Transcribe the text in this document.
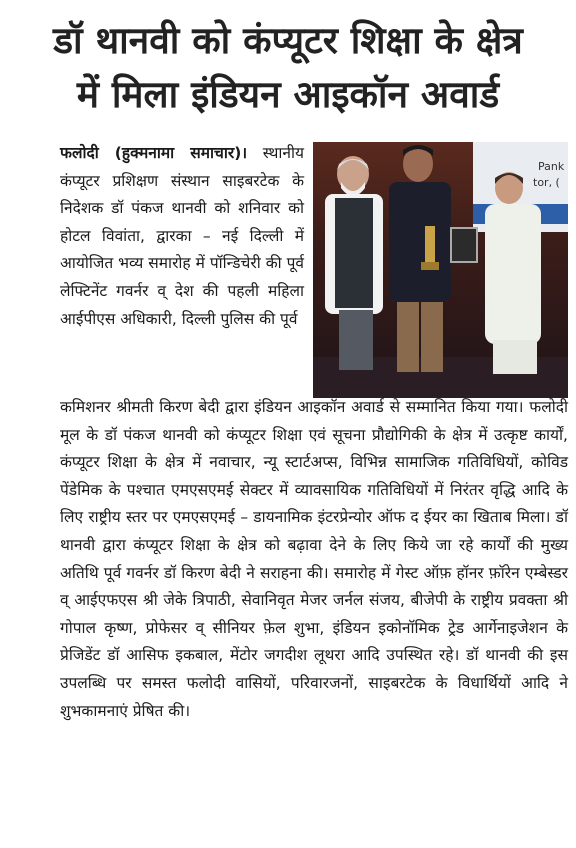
डॉ थानवी को कंप्यूटर शिक्षा के क्षेत्र
में मिला इंडियन आइकॉन अवार्ड
Pank
tor, (

फलोदी (हुक्मनामा समाचार)। स्थानीय कंप्यूटर प्रशिक्षण संस्थान साइबरटेक के निदेशक डॉ पंकज थानवी को शनिवार को होटल विवांता, द्वारका – नई दिल्ली में आयोजित भव्य समारोह में पॉन्डिचेरी की पूर्व लेफ्टिनेंट गवर्नर व् देश की पहली महिला आईपीएस अधिकारी, दिल्ली पुलिस की पूर्व

कमिशनर श्रीमती किरण बेदी द्वारा इंडियन आइकॉन अवार्ड से सम्मानित किया गया। फलोदी मूल के डॉ पंकज थानवी को कंप्यूटर शिक्षा एवं सूचना प्रौद्योगिकी के क्षेत्र में उत्कृष्ट कार्यों, कंप्यूटर शिक्षा के क्षेत्र में नवाचार, न्यू स्टार्टअप्स, विभिन्न सामाजिक गतिविधियों, कोविड पेंडेमिक के पश्चात एमएसएमई सेक्टर में व्यावसायिक गतिविधियों में निरंतर वृद्धि आदि के लिए राष्ट्रीय स्तर पर एमएसएमई – डायनामिक इंटरप्रेन्योर ऑफ द ईयर का खिताब मिला। डॉ थानवी द्वारा कंप्यूटर शिक्षा के क्षेत्र को बढ़ावा देने के लिए किये जा रहे कार्यों की मुख्य अतिथि पूर्व गवर्नर डॉ किरण बेदी ने सराहना की। समारोह में गेस्ट ऑफ़ हॉनर फ़ॉरेन एम्बेस्डर व् आईएफएस श्री जेके त्रिपाठी, सेवानिवृत मेजर जर्नल संजय, बीजेपी के राष्ट्रीय प्रवक्ता श्री गोपाल कृष्ण, प्रोफेसर व् सीनियर फ़ेल शुभा, इंडियन इकोनॉमिक ट्रेड आर्गेनाइजेशन के प्रेजिडेंट डॉ आसिफ इकबाल, मेंटोर जगदीश लूथरा आदि उपस्थित रहे। डॉ थानवी की इस उपलब्धि पर समस्त फलोदी वासियों, परिवारजनों, साइबरटेक के विधार्थियों आदि ने शुभकामनाएं प्रेषित की।
